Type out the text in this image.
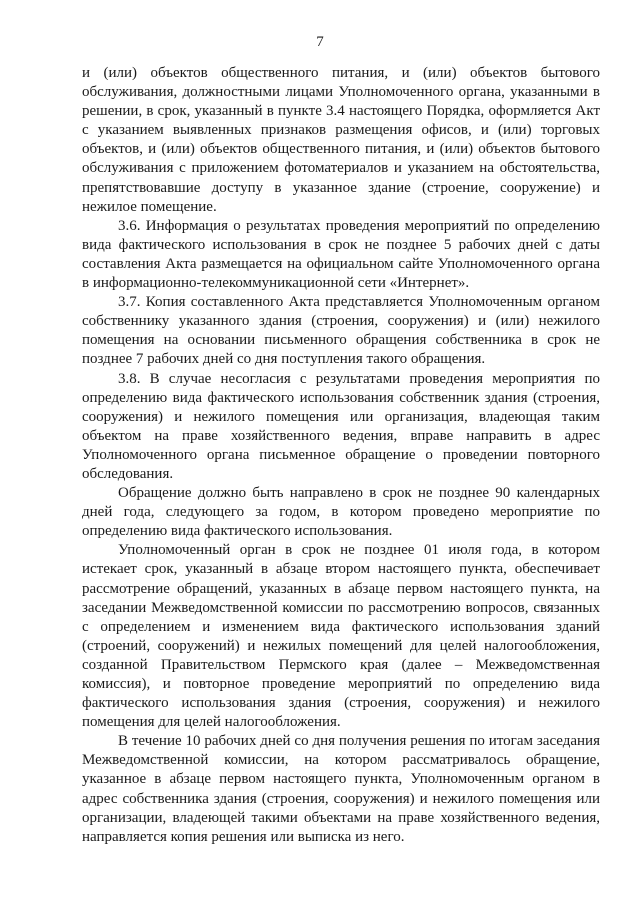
7

и (или) объектов общественного питания, и (или) объектов бытового обслуживания, должностными лицами Уполномоченного органа, указанными в решении, в срок, указанный в пункте 3.4 настоящего Порядка, оформляется Акт с указанием выявленных признаков размещения офисов, и (или) торговых объектов, и (или) объектов общественного питания, и (или) объектов бытового обслуживания с приложением фотоматериалов и указанием на обстоятельства, препятствовавшие доступу в указанное здание (строение, сооружение) и нежилое помещение.

3.6. Информация о результатах проведения мероприятий по определению вида фактического использования в срок не позднее 5 рабочих дней с даты составления Акта размещается на официальном сайте Уполномоченного органа в информационно-телекоммуникационной сети «Интернет».

3.7. Копия составленного Акта представляется Уполномоченным органом собственнику указанного здания (строения, сооружения) и (или) нежилого помещения на основании письменного обращения собственника в срок не позднее 7 рабочих дней со дня поступления такого обращения.

3.8. В случае несогласия с результатами проведения мероприятия по определению вида фактического использования собственник здания (строения, сооружения) и нежилого помещения или организация, владеющая таким объектом на праве хозяйственного ведения, вправе направить в адрес Уполномоченного органа письменное обращение о проведении повторного обследования.

Обращение должно быть направлено в срок не позднее 90 календарных дней года, следующего за годом, в котором проведено мероприятие по определению вида фактического использования.

Уполномоченный орган в срок не позднее 01 июля года, в котором истекает срок, указанный в абзаце втором настоящего пункта, обеспечивает рассмотрение обращений, указанных в абзаце первом настоящего пункта, на заседании Межведомственной комиссии по рассмотрению вопросов, связанных с определением и изменением вида фактического использования зданий (строений, сооружений) и нежилых помещений для целей налогообложения, созданной Правительством Пермского края (далее – Межведомственная комиссия), и повторное проведение мероприятий по определению вида фактического использования здания (строения, сооружения) и нежилого помещения для целей налогообложения.

В течение 10 рабочих дней со дня получения решения по итогам заседания Межведомственной комиссии, на котором рассматривалось обращение, указанное в абзаце первом настоящего пункта, Уполномоченным органом в адрес собственника здания (строения, сооружения) и нежилого помещения или организации, владеющей такими объектами на праве хозяйственного ведения, направляется копия решения или выписка из него.
